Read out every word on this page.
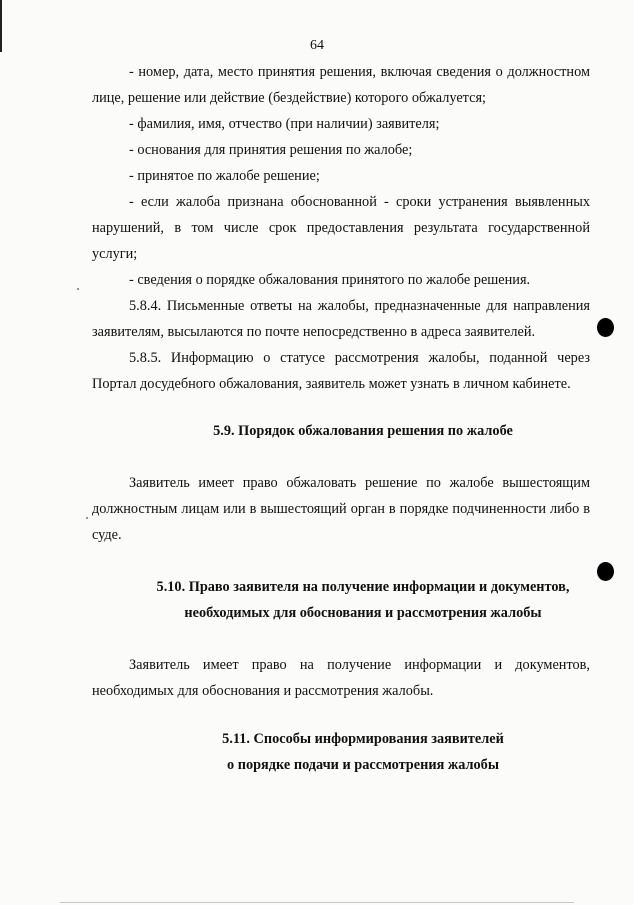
64

- номер, дата, место принятия решения, включая сведения о должностном лице, решение или действие (бездействие) которого обжалуется;

- фамилия, имя, отчество (при наличии) заявителя;

- основания для принятия решения по жалобе;

- принятое по жалобе решение;

- если жалоба признана обоснованной - сроки устранения выявленных нарушений, в том числе срок предоставления результата государственной услуги;

- сведения о порядке обжалования принятого по жалобе решения.

5.8.4. Письменные ответы на жалобы, предназначенные для направления заявителям, высылаются по почте непосредственно в адреса заявителей.

5.8.5. Информацию о статусе рассмотрения жалобы, поданной через Портал досудебного обжалования, заявитель может узнать в личном кабинете.

5.9. Порядок обжалования решения по жалобе

Заявитель имеет право обжаловать решение по жалобе вышестоящим должностным лицам или в вышестоящий орган в порядке подчиненности либо в суде.

5.10. Право заявителя на получение информации и документов,

необходимых для обоснования и рассмотрения жалобы

Заявитель имеет право на получение информации и документов, необходимых для обоснования и рассмотрения жалобы.

5.11. Способы информирования заявителей

о порядке подачи и рассмотрения жалобы
